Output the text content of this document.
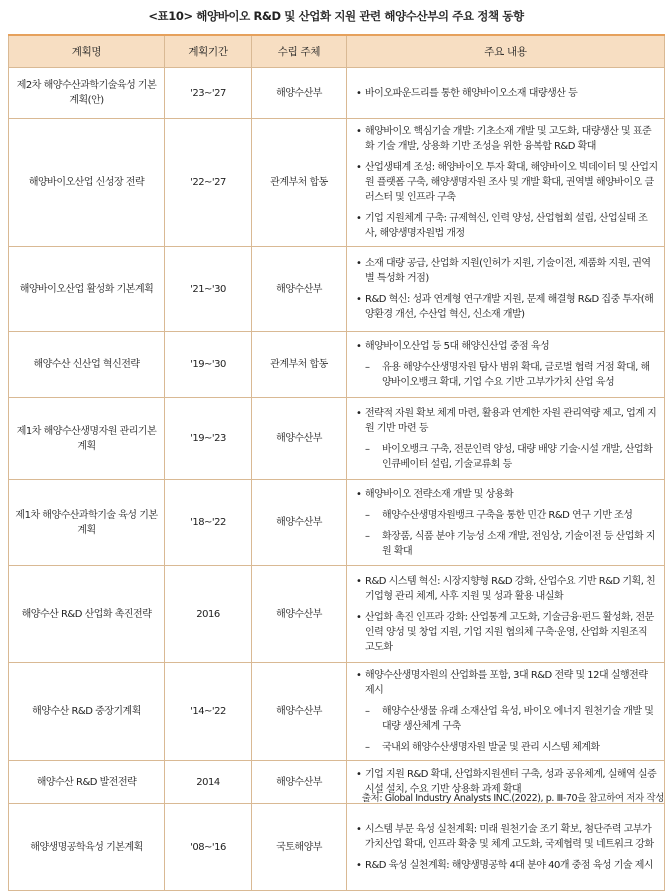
<표10> 해양바이오 R&D 및 산업화 지원 관련 해양수산부의 주요 정책 동향
계획명	계획기간	수립 주체	주요 내용
제2차 해양수산과학기술육성 기본계획(안)	'23~'27	해양수산부	• 바이오파운드리를 통한 해양바이오소재 대량생산 등

해양바이오산업 신성장 전략	'22~'27	관계부처 합동	• 해양바이오 핵심기술 개발: 기초소재 개발 및 고도화, 대량생산 및 표준화 기술 개발, 상용화 기반 조성을 위한 융복합 R&D 확대
• 산업생태계 조성: 해양바이오 투자 확대, 해양바이오 빅데이터 및 산업지원 플랫폼 구축, 해양생명자원 조사 및 개발 확대, 권역별 해양바이오 클러스터 및 인프라 구축
• 기업 지원체계 구축: 규제혁신, 인력 양성, 산업협회 설립, 산업실태 조사, 해양생명자원법 개정

해양바이오산업 활성화 기본계획	'21~'30	해양수산부	• 소재 대량 공급, 산업화 지원(인허가 지원, 기술이전, 제품화 지원, 권역별 특성화 거점)
• R&D 혁신: 성과 연계형 연구개발 지원, 문제 해결형 R&D 집중 투자(해양환경 개선, 수산업 혁신, 신소재 개발)

해양수산 신산업 혁신전략	'19~'30	관계부처 합동	• 해양바이오산업 등 5대 해양신산업 중점 육성
– 유용 해양수산생명자원 탐사 범위 확대, 글로벌 협력 거점 확대, 해양바이오뱅크 확대, 기업 수요 기반 고부가가치 산업 육성

제1차 해양수산생명자원 관리기본계획	'19~'23	해양수산부	• 전략적 자원 확보 체계 마련, 활용과 연계한 자원 관리역량 제고, 업계 지원 기반 마련 등
– 바이오뱅크 구축, 전문인력 양성, 대량 배양 기술·시설 개발, 산업화 인큐베이터 설립, 기술교류회 등

제1차 해양수산과학기술 육성 기본계획	'18~'22	해양수산부	• 해양바이오 전략소재 개발 및 상용화
– 해양수산생명자원뱅크 구축을 통한 민간 R&D 연구 기반 조성
– 화장품, 식품 분야 기능성 소재 개발, 전임상, 기술이전 등 산업화 지원 확대

해양수산 R&D 산업화 촉진전략	2016	해양수산부	• R&D 시스템 혁신: 시장지향형 R&D 강화, 산업수요 기반 R&D 기획, 친 기업형 관리 체계, 사후 지원 및 성과 활용 내실화
• 산업화 촉진 인프라 강화: 산업통계 고도화, 기술금융·펀드 활성화, 전문인력 양성 및 창업 지원, 기업 지원 협의체 구축·운영, 산업화 지원조직 고도화

해양수산 R&D 중장기계획	'14~'22	해양수산부	• 해양수산생명자원의 산업화를 포함, 3대 R&D 전략 및 12대 실행전략 제시
– 해양수산생물 유래 소재산업 육성, 바이오 에너지 원천기술 개발 및 대량 생산체계 구축
– 국내외 해양수산생명자원 발굴 및 관리 시스템 체계화

해양수산 R&D 발전전략	2014	해양수산부	• 기업 지원 R&D 확대, 산업화지원센터 구축, 성과 공유체계, 실해역 실증시설 설치, 수요 기반 상용화 과제 확대

해양생명공학육성 기본계획	'08~'16	국토해양부	• 시스템 부문 육성 실천계획: 미래 원천기술 조기 확보, 첨단주력 고부가가치산업 확대, 인프라 확충 및 체계 고도화, 국제협력 및 네트워크 강화
• R&D 육성 실천계획: 해양생명공학 4대 분야 40개 중점 육성 기술 제시
출처: Global Industry Analysts INC.(2022), p. Ⅲ-70을 참고하여 저자 작성
